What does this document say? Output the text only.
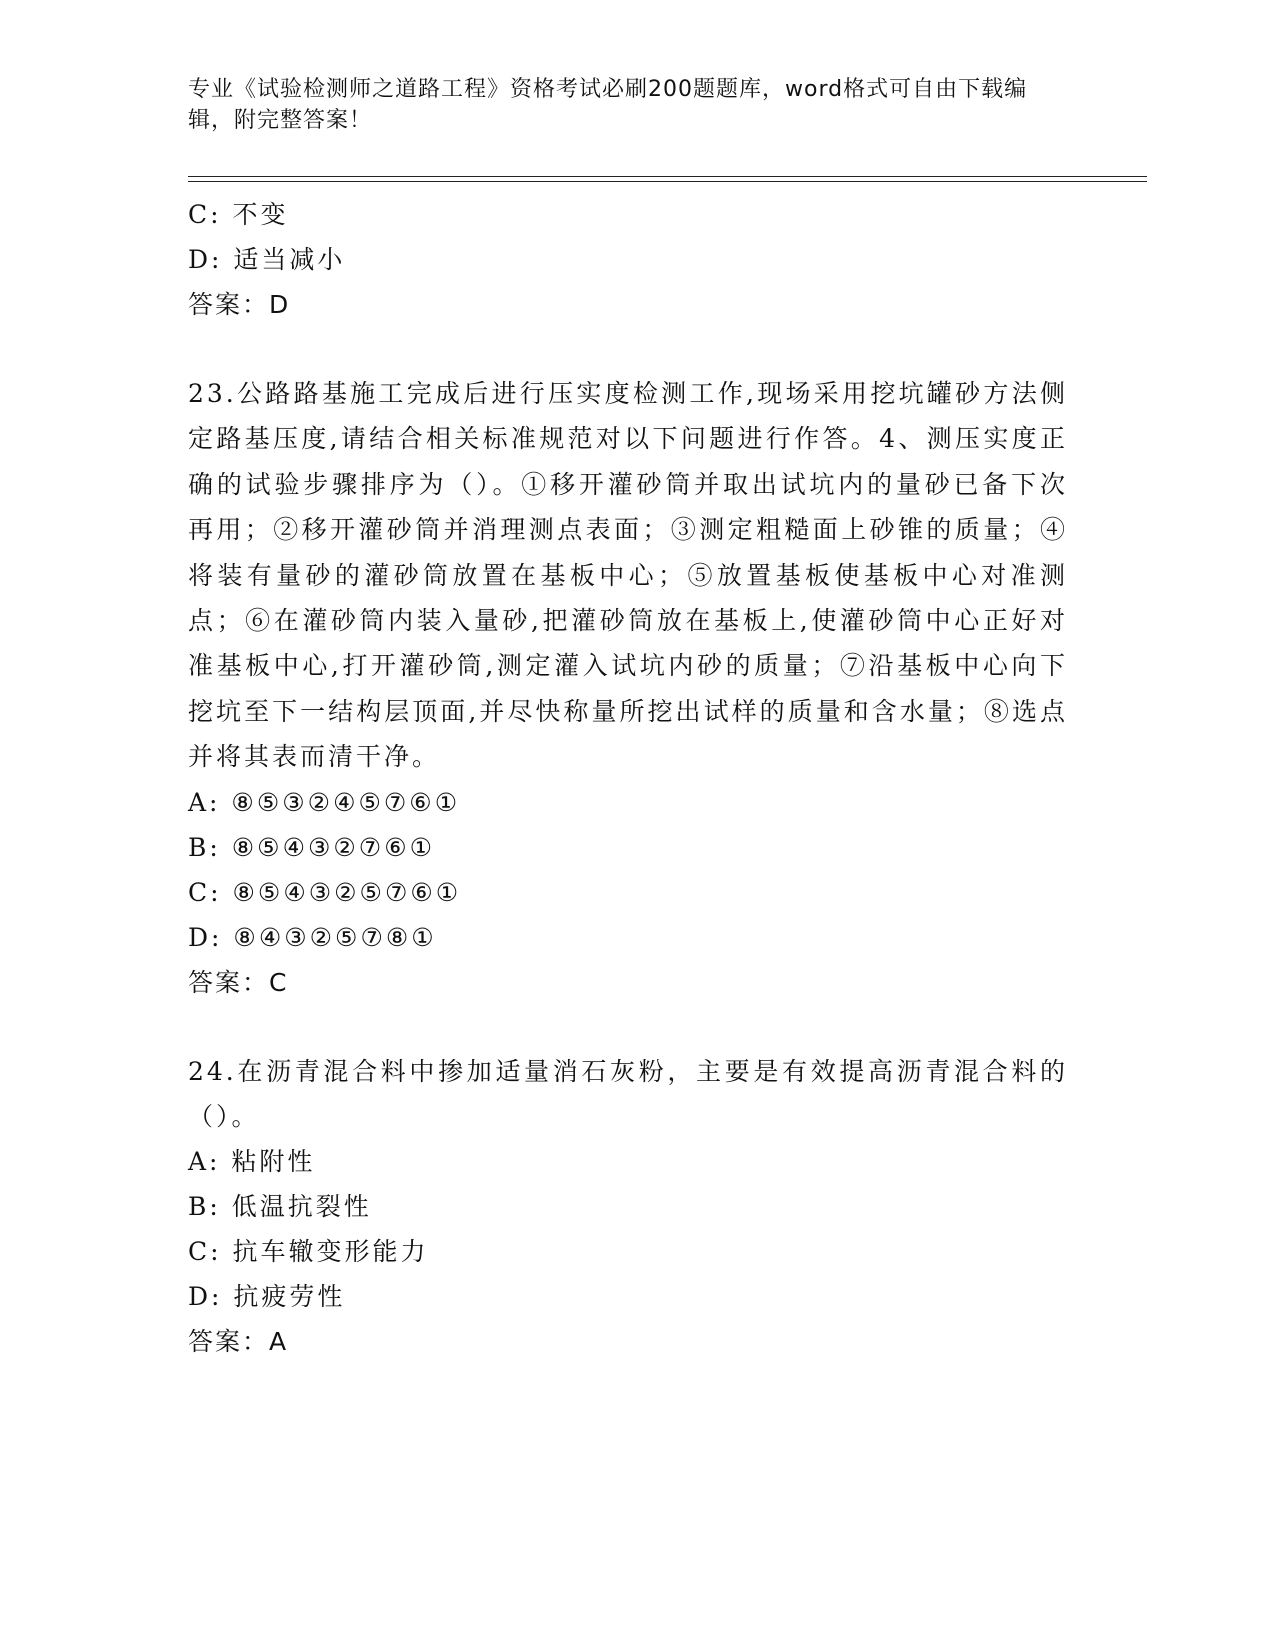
专业《试验检测师之道路工程》资格考试必刷200题题库，word格式可自由下载编辑，附完整答案！
C: 不变
D: 适当减小
答案：D
23.公路路基施工完成后进行压实度检测工作,现场采用挖坑罐砂方法侧定路基压度,请结合相关标准规范对以下问题进行作答。4、测压实度正确的试验步骤排序为（）。①移开灌砂筒并取出试坑内的量砂已备下次再用；②移开灌砂筒并消理测点表面；③测定粗糙面上砂锥的质量；④将装有量砂的灌砂筒放置在基板中心；⑤放置基板使基板中心对准测点；⑥在灌砂筒内装入量砂,把灌砂筒放在基板上,使灌砂筒中心正好对准基板中心,打开灌砂筒,测定灌入试坑内砂的质量；⑦沿基板中心向下挖坑至下一结构层顶面,并尽快称量所挖出试样的质量和含水量；⑧选点并将其表而清干净。
A: ⑧⑤③②④⑤⑦⑥①
B: ⑧⑤④③②⑦⑥①
C: ⑧⑤④③②⑤⑦⑥①
D: ⑧④③②⑤⑦⑧①
答案：C
24.在沥青混合料中掺加适量消石灰粉，主要是有效提高沥青混合料的（）。
A: 粘附性
B: 低温抗裂性
C: 抗车辙变形能力
D: 抗疲劳性
答案：A
